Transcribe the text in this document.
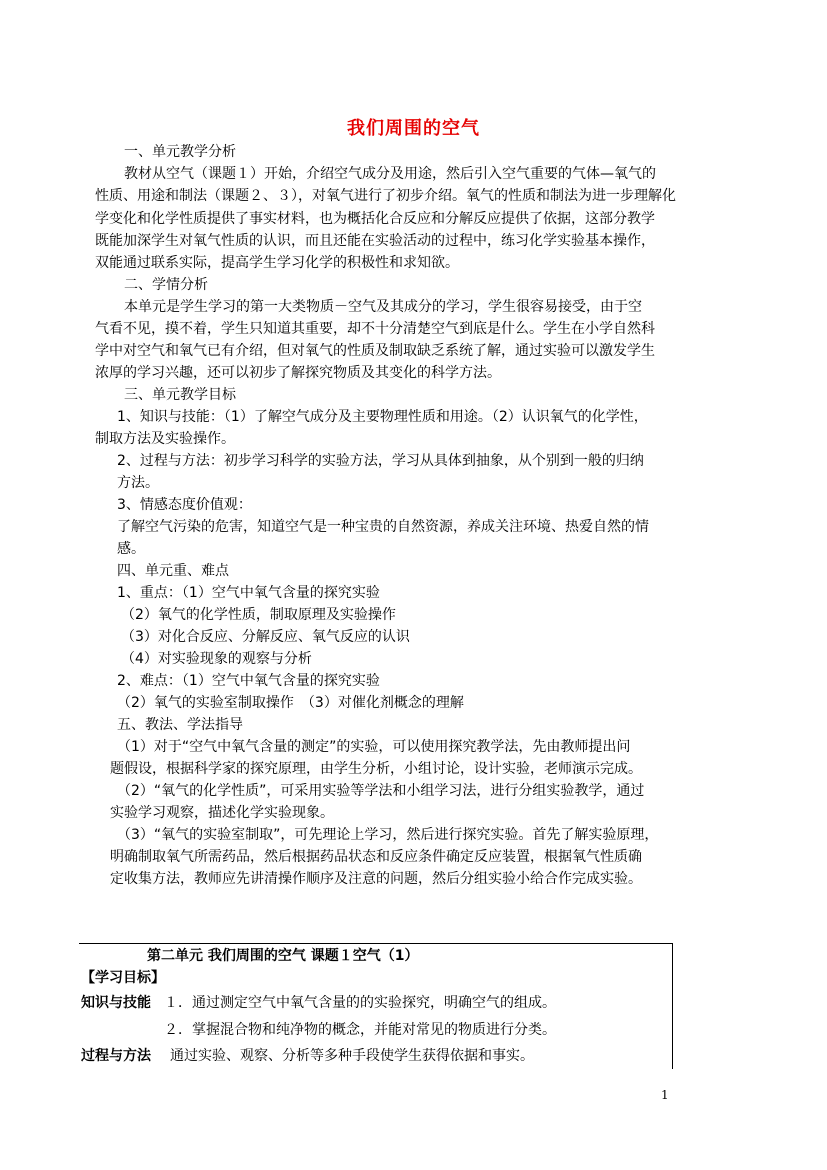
我们周围的空气
一、单元教学分析
教材从空气（课题１）开始，介绍空气成分及用途，然后引入空气重要的气体—氧气的
性质、用途和制法（课题２、３），对氧气进行了初步介绍。氧气的性质和制法为进一步理解化
学变化和化学性质提供了事实材料，也为概括化合反应和分解反应提供了依据，这部分教学
既能加深学生对氧气性质的认识，而且还能在实验活动的过程中，练习化学实验基本操作，
双能通过联系实际，提高学生学习化学的积极性和求知欲。
二、学情分析
本单元是学生学习的第一大类物质－空气及其成分的学习，学生很容易接受，由于空
气看不见，摸不着，学生只知道其重要，却不十分清楚空气到底是什么。学生在小学自然科
学中对空气和氧气已有介绍，但对氧气的性质及制取缺乏系统了解，通过实验可以激发学生
浓厚的学习兴趣，还可以初步了解探究物质及其变化的科学方法。
三、单元教学目标
1、知识与技能：（1）了解空气成分及主要物理性质和用途。（2）认识氧气的化学性，
制取方法及实验操作。
2、过程与方法：初步学习科学的实验方法，学习从具体到抽象，从个别到一般的归纳
方法。
3、情感态度价值观：
了解空气污染的危害，知道空气是一种宝贵的自然资源，养成关注环境、热爱自然的情
感。
四、单元重、难点
1、重点：（1）空气中氧气含量的探究实验
（2）氧气的化学性质，制取原理及实验操作
（3）对化合反应、分解反应、氧气反应的认识
（4）对实验现象的观察与分析
2、难点：（1）空气中氧气含量的探究实验
（2）氧气的实验室制取操作　（3）对催化剂概念的理解
五、教法、学法指导
（1）对于“空气中氧气含量的测定”的实验，可以使用探究教学法，先由教师提出问
题假设，根据科学家的探究原理，由学生分析，小组讨论，设计实验，老师演示完成。
（2）“氧气的化学性质”，可采用实验等学法和小组学习法，进行分组实验教学，通过
实验学习观察，描述化学实验现象。
（3）“氧气的实验室制取”，可先理论上学习，然后进行探究实验。首先了解实验原理，
明确制取氧气所需药品，然后根据药品状态和反应条件确定反应装置，根据氧气性质确
定收集方法，教师应先讲清操作顺序及注意的问题，然后分组实验小给合作完成实验。
第二单元 我们周围的空气 课题１空气（1）
【学习目标】
知识与技能 １．通过测定空气中氧气含量的的实验探究，明确空气的组成。
２．掌握混合物和纯净物的概念，并能对常见的物质进行分类。
过程与方法 通过实验、观察、分析等多种手段使学生获得依据和事实。
1
